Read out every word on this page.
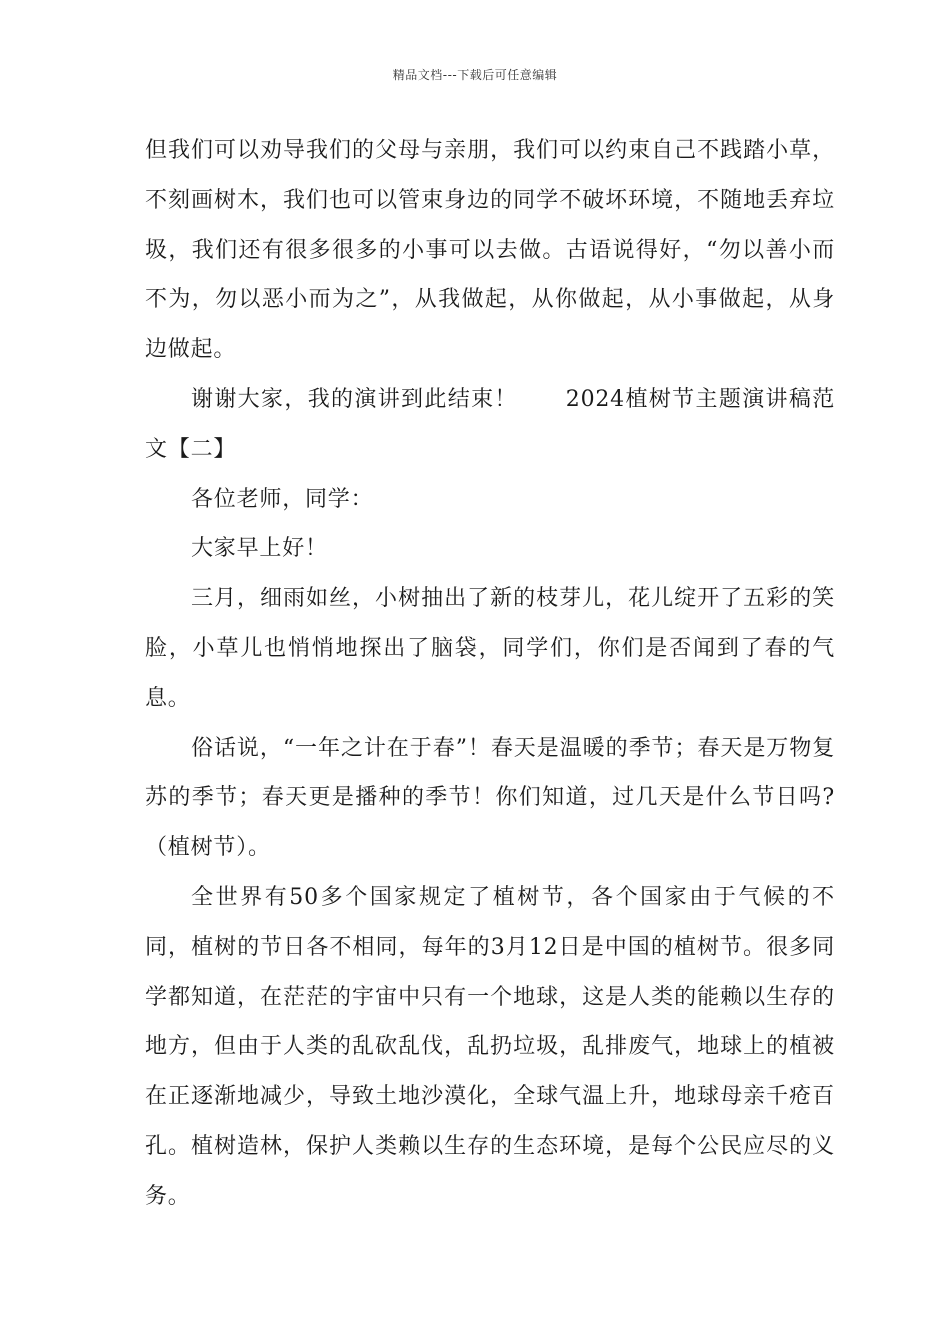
精品文档---下载后可任意编辑

但我们可以劝导我们的父母与亲朋，我们可以约束自己不践踏小草，不刻画树木，我们也可以管束身边的同学不破坏环境，不随地丢弃垃圾，我们还有很多很多的小事可以去做。古语说得好，“勿以善小而不为，勿以恶小而为之”，从我做起，从你做起，从小事做起，从身边做起。

谢谢大家，我的演讲到此结束！ 2024植树节主题演讲稿范文【二】

各位老师，同学：

大家早上好！

三月，细雨如丝，小树抽出了新的枝芽儿，花儿绽开了五彩的笑脸，小草儿也悄悄地探出了脑袋，同学们，你们是否闻到了春的气息。

俗话说，“一年之计在于春”！春天是温暖的季节；春天是万物复苏的季节；春天更是播种的季节！你们知道，过几天是什么节日吗?（植树节）。

全世界有50多个国家规定了植树节，各个国家由于气候的不同，植树的节日各不相同，每年的3月12日是中国的植树节。很多同学都知道，在茫茫的宇宙中只有一个地球，这是人类的能赖以生存的地方，但由于人类的乱砍乱伐，乱扔垃圾，乱排废气，地球上的植被在正逐渐地减少，导致土地沙漠化，全球气温上升，地球母亲千疮百孔。植树造林，保护人类赖以生存的生态环境，是每个公民应尽的义务。
